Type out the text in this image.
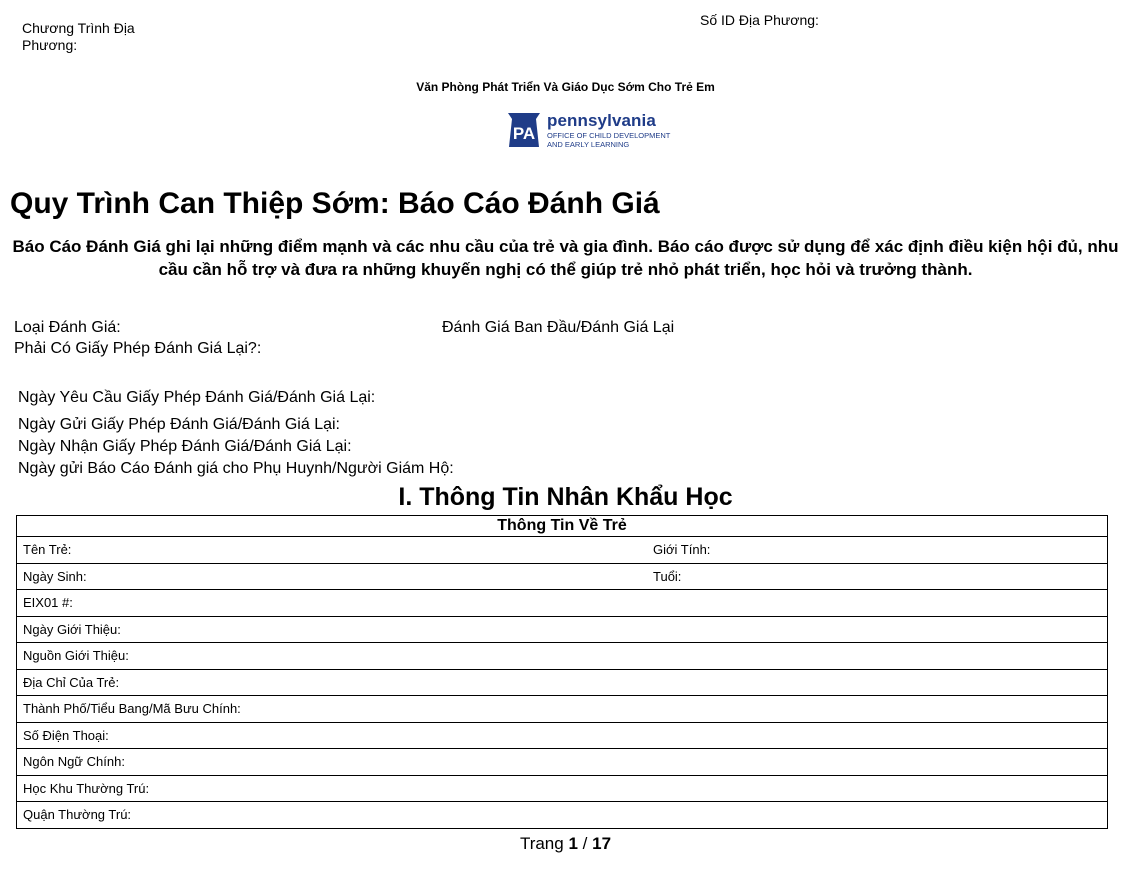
Chương Trình Địa Phương:
Số ID Địa Phương:
Văn Phòng Phát Triển Và Giáo Dục Sớm Cho Trẻ Em
PA
pennsylvania
OFFICE OF CHILD DEVELOPMENT
AND EARLY LEARNING
Quy Trình Can Thiệp Sớm: Báo Cáo Đánh Giá
Báo Cáo Đánh Giá ghi lại những điểm mạnh và các nhu cầu của trẻ và gia đình. Báo cáo được sử dụng để xác định điều kiện hội đủ, nhu cầu cần hỗ trợ và đưa ra những khuyến nghị có thể giúp trẻ nhỏ phát triển, học hỏi và trưởng thành.
Loại Đánh Giá:	Đánh Giá Ban Đầu/Đánh Giá Lại
Phải Có Giấy Phép Đánh Giá Lại?:
Ngày Yêu Cầu Giấy Phép Đánh Giá/Đánh Giá Lại:
Ngày Gửi Giấy Phép Đánh Giá/Đánh Giá Lại:
Ngày Nhận Giấy Phép Đánh Giá/Đánh Giá Lại:
Ngày gửi Báo Cáo Đánh giá cho Phụ Huynh/Người Giám Hộ:
I. Thông Tin Nhân Khẩu Học
Thông Tin Về Trẻ		
Tên Trẻ:		Giới Tính:
Ngày Sinh:		Tuổi:
EIX01 #:		
Ngày Giới Thiệu:		
Nguồn Giới Thiệu:		
Địa Chỉ Của Trẻ:		
Thành Phố/Tiểu Bang/Mã Bưu Chính:		
Số Điện Thoại:		
Ngôn Ngữ Chính:		
Học Khu Thường Trú:		
Quận Thường Trú:		
Trang 1 / 17
